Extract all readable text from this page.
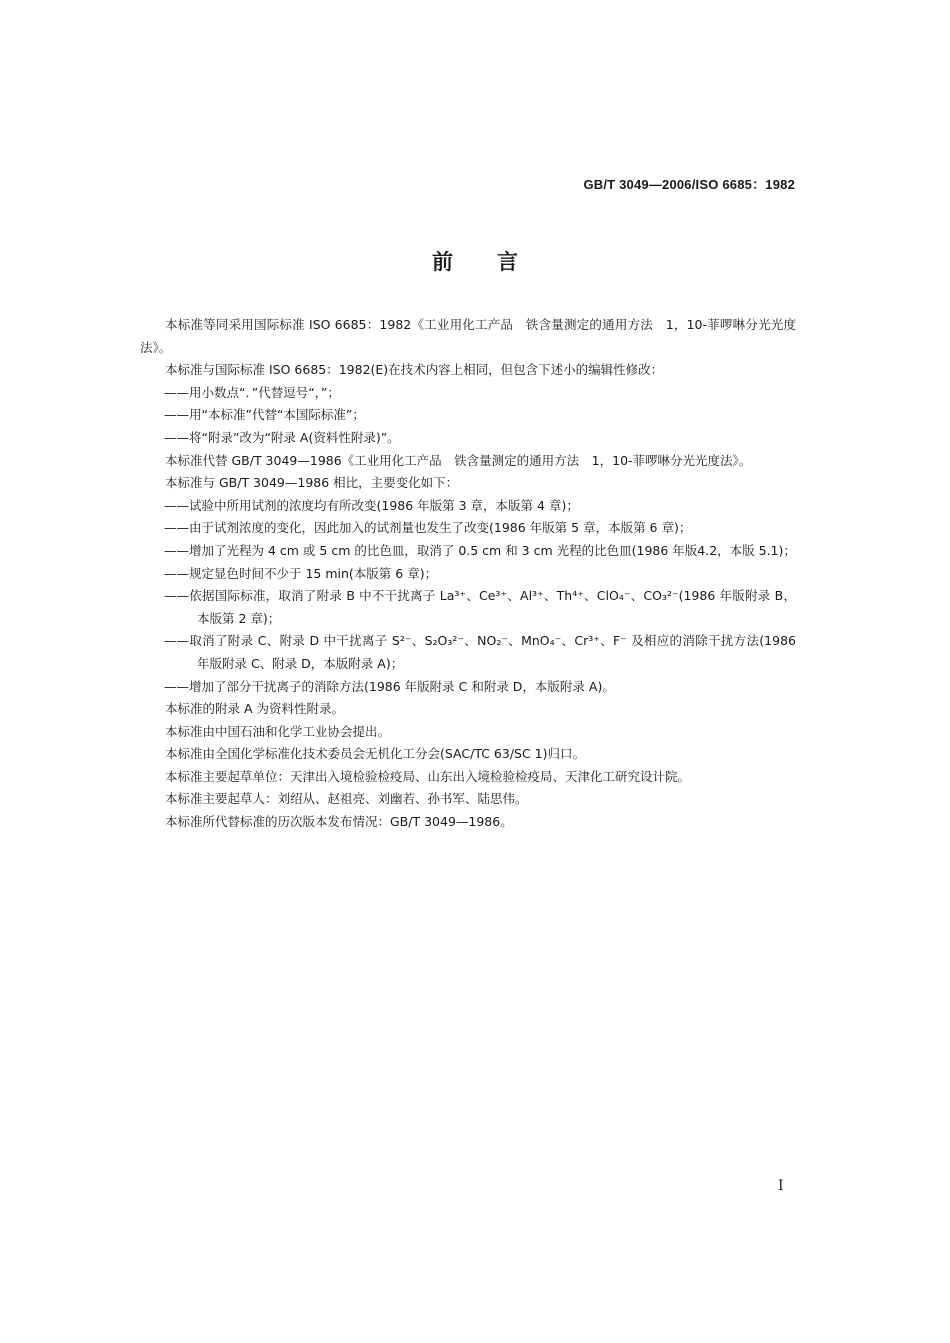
GB/T 3049—2006/ISO 6685：1982
前言

本标准等同采用国际标准 ISO 6685：1982《工业用化工产品　铁含量测定的通用方法　1，10-菲啰啉分光光度法》。

本标准与国际标准 ISO 6685：1982(E)在技术内容上相同，但包含下述小的编辑性修改：

——用小数点“．”代替逗号“，”；

——用“本标准”代替“本国际标准”；

——将“附录”改为“附录 A(资料性附录)”。

本标准代替 GB/T 3049—1986《工业用化工产品　铁含量测定的通用方法　1，10-菲啰啉分光光度法》。

本标准与 GB/T 3049—1986 相比，主要变化如下：

——试验中所用试剂的浓度均有所改变(1986 年版第 3 章，本版第 4 章)；

——由于试剂浓度的变化，因此加入的试剂量也发生了改变(1986 年版第 5 章，本版第 6 章)；

——增加了光程为 4 cm 或 5 cm 的比色皿，取消了 0.5 cm 和 3 cm 光程的比色皿(1986 年版4.2，本版 5.1)；

——规定显色时间不少于 15 min(本版第 6 章)；

——依据国际标准，取消了附录 B 中不干扰离子 La³⁺、Ce³⁺、Al³⁺、Th⁴⁺、ClO₄⁻、CO₃²⁻(1986 年版附录 B，本版第 2 章)；

——取消了附录 C、附录 D 中干扰离子 S²⁻、S₂O₃²⁻、NO₂⁻、MnO₄⁻、Cr³⁺、F⁻ 及相应的消除干扰方法(1986 年版附录 C、附录 D，本版附录 A)；

——增加了部分干扰离子的消除方法(1986 年版附录 C 和附录 D，本版附录 A)。

本标准的附录 A 为资料性附录。

本标准由中国石油和化学工业协会提出。

本标准由全国化学标准化技术委员会无机化工分会(SAC/TC 63/SC 1)归口。

本标准主要起草单位：天津出入境检验检疫局、山东出入境检验检疫局、天津化工研究设计院。

本标准主要起草人：刘绍从、赵祖亮、刘幽若、孙书军、陆思伟。

本标准所代替标准的历次版本发布情况：GB/T 3049—1986。

I
